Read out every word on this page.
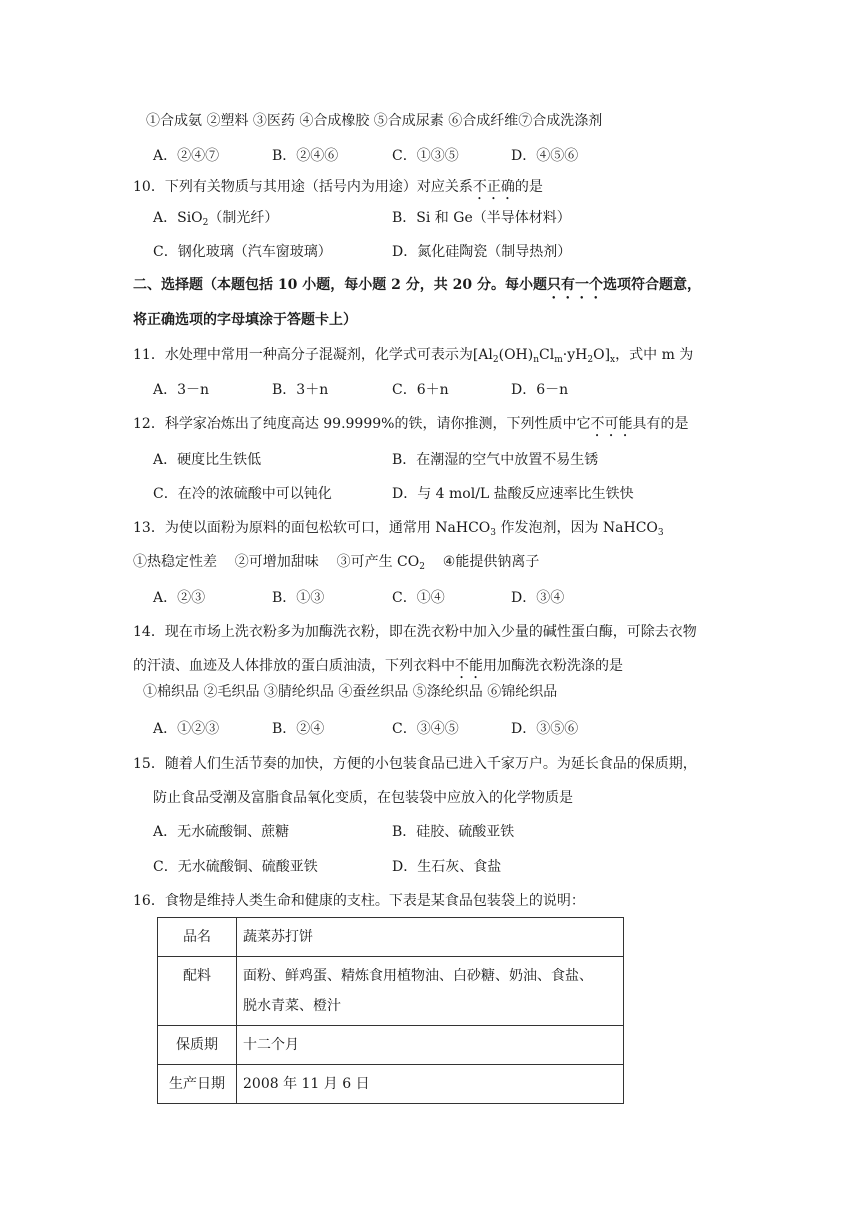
①合成氨 ②塑料 ③医药 ④合成橡胶 ⑤合成尿素 ⑥合成纤维⑦合成洗涤剂
A．②④⑦	B．②④⑥	C．①③⑤	D．④⑤⑥
10．下列有关物质与其用途（括号内为用途）对应关系不正确的是
A．SiO$_2$（制光纤）	B．Si 和 Ge（半导体材料）
C．钢化玻璃（汽车窗玻璃）	D．氮化硅陶瓷（制导热剂）
二、选择题（本题包括 10 小题，每小题 2 分，共 20 分。每小题只有一个选项符合题意，
将正确选项的字母填涂于答题卡上）
11．水处理中常用一种高分子混凝剂，化学式可表示为$[Al_2(OH)_nCl_m\cdot yH_2O]_x$，式中 m 为
A．3－n	B．3＋n	C．6＋n	D．6－n
12．科学家冶炼出了纯度高达 99.9999%的铁，请你推测，下列性质中它不可能具有的是
A．硬度比生铁低	B．在潮湿的空气中放置不易生锈
C．在冷的浓硫酸中可以钝化	D．与 4 mol/L 盐酸反应速率比生铁快
13．为使以面粉为原料的面包松软可口，通常用 NaHCO$_3$ 作发泡剂，因为 NaHCO$_3$
①热稳定性差    ②可增加甜味    ③可产生 $CO_2$    ④能提供钠离子
A．②③	B．①③	C．①④	D．③④
14．现在市场上洗衣粉多为加酶洗衣粉，即在洗衣粉中加入少量的碱性蛋白酶，可除去衣物
的汗渍、血迹及人体排放的蛋白质油渍，下列衣料中不能用加酶洗衣粉洗涤的是
①棉织品 ②毛织品 ③腈纶织品 ④蚕丝织品 ⑤涤纶织品 ⑥锦纶织品
A．①②③	B．②④	C．③④⑤	D．③⑤⑥
15．随着人们生活节奏的加快，方便的小包装食品已进入千家万户。为延长食品的保质期，
防止食品受潮及富脂食品氧化变质，在包装袋中应放入的化学物质是
A．无水硫酸铜、蔗糖	B．硅胶、硫酸亚铁
C．无水硫酸铜、硫酸亚铁	D．生石灰、食盐
16．食物是维持人类生命和健康的支柱。下表是某食品包装袋上的说明：
品名	蔬菜苏打饼
配料	面粉、鲜鸡蛋、精炼食用植物油、白砂糖、奶油、食盐、
脱水青菜、橙汁

保质期	十二个月
生产日期	2008 年 11 月 6 日
